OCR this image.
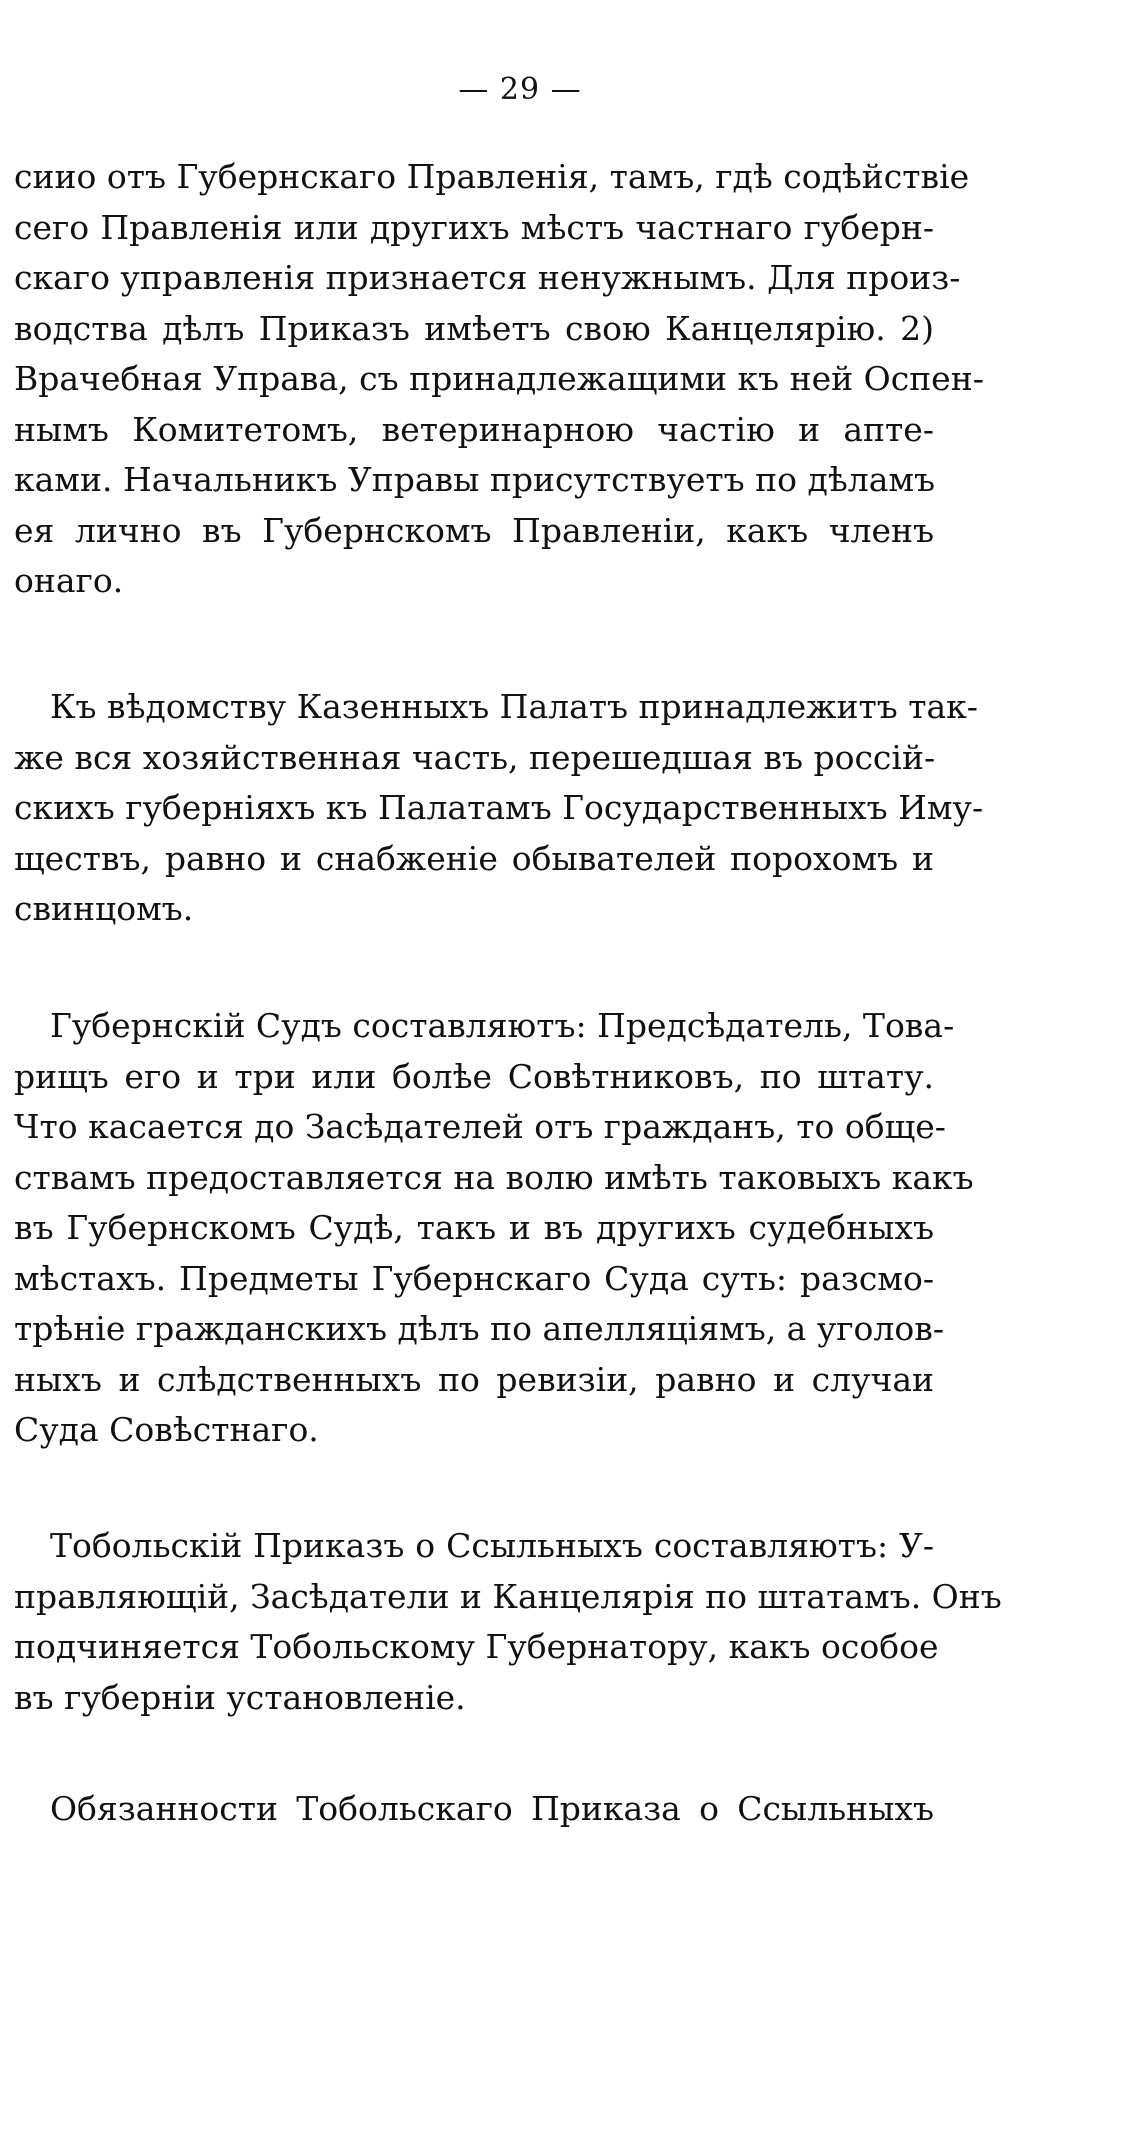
— 29 —
сиио отъ Губернскаго Правленія, тамъ, гдѣ содѣйствіе
сего Правленія или другихъ мѣстъ частнаго губерн-
скаго управленія признается ненужнымъ. Для произ-
водства дѣлъ Приказъ имѣетъ свою Канцелярію. 2)
Врачебная Управа, съ принадлежащими къ ней Оспен-
нымъ Комитетомъ, ветеринарною частію и апте-
ками. Начальникъ Управы присутствуетъ по дѣламъ
ея лично въ Губернскомъ Правленіи, какъ членъ
онаго.
Къ вѣдомству Казенныхъ Палатъ принадлежитъ так-
же вся хозяйственная часть, перешедшая въ россій-
скихъ губерніяхъ къ Палатамъ Государственныхъ Иму-
ществъ, равно и снабженіе обывателей порохомъ и
свинцомъ.
Губернскій Судъ составляютъ: Предсѣдатель, Това-
рищъ его и три или болѣе Совѣтниковъ, по штату.
Что касается до Засѣдателей отъ гражданъ, то обще-
ствамъ предоставляется на волю имѣть таковыхъ какъ
въ Губернскомъ Судѣ, такъ и въ другихъ судебныхъ
мѣстахъ. Предметы Губернскаго Суда суть: разсмо-
трѣніе гражданскихъ дѣлъ по апелляціямъ, а уголов-
ныхъ и слѣдственныхъ по ревизіи, равно и случаи
Суда Совѣстнаго.
Тобольскій Приказъ о Ссыльныхъ составляютъ: У-
правляющій, Засѣдатели и Канцелярія по штатамъ. Онъ
подчиняется Тобольскому Губернатору, какъ особое
въ губерніи установленіе.
Обязанности Тобольскаго Приказа о Ссыльныхъ
